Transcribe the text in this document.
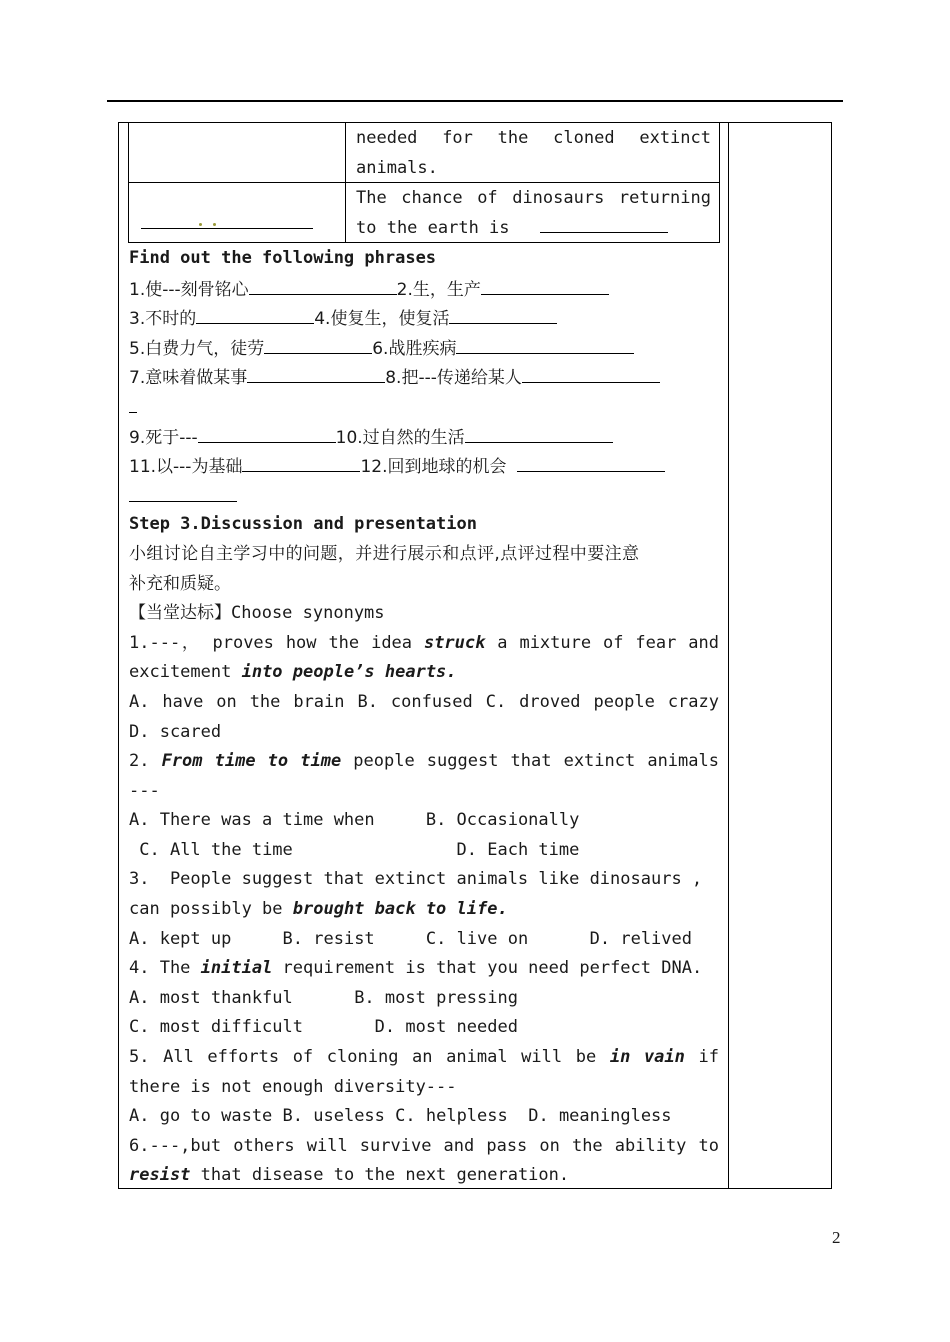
needed for the cloned extinct
animals.
The chance of dinosaurs returning
to the earth is
Find out the following phrases
1.使---刻骨铭心	2.生，生产
3.不时的	4.使复生，使复活
5.白费力气，徒劳	6.战胜疾病
7.意味着做某事	8.把---传递给某人
9.死于---	10.过自然的生活
11.以---为基础	12.回到地球的机会
Step 3.Discussion and presentation
小组讨论自主学习中的问题，并进行展示和点评,点评过程中要注意
补充和质疑。
【当堂达标】Choose synonyms
1.---， proves how the idea struck a mixture of fear and
excitement into people’s hearts.
A. have on the brain B. confused C. droved people crazy
D. scared
2. From time to time people suggest that extinct animals
---
A. There was a time when	B. Occasionally
C. All the time	D. Each time
3.  People suggest that extinct animals like dinosaurs ,
can possibly be brought back to life.
A. kept up	B. resist	C. live on	D. relived
4. The initial requirement is that you need perfect DNA.
A. most thankful	B. most pressing
C. most difficult	D. most needed
5. All efforts of cloning an animal will be in vain if
there is not enough diversity---
A. go to waste B. useless C. helpless D. meaningless
6.---,but others will survive and pass on the ability to
resist that disease to the next generation.
2
